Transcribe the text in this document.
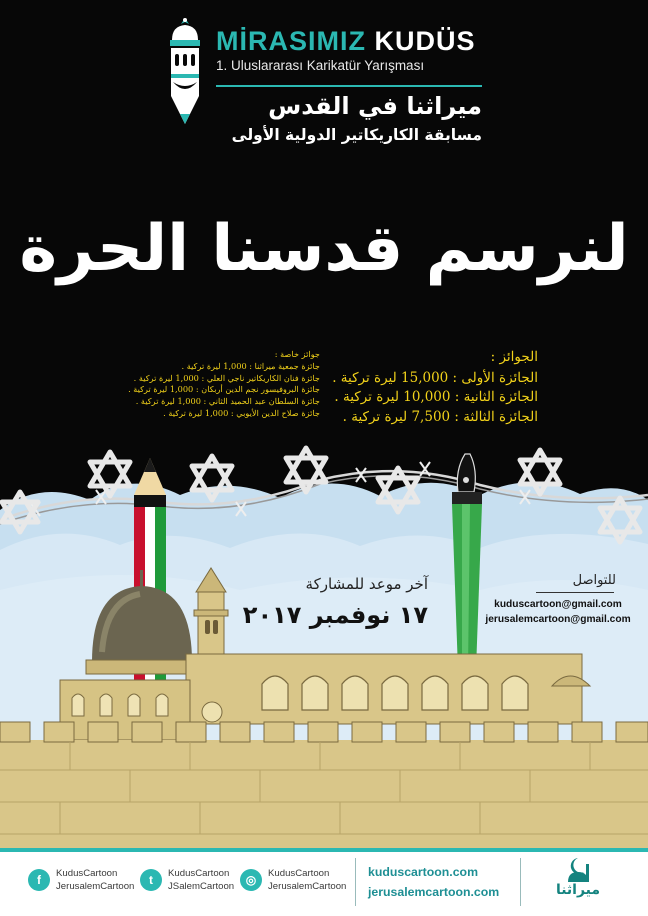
MİRASIMIZ KUDÜS
1. Uluslararası Karikatür Yarışması
ميراثنا في القدس
مسابقة الكاريكاتير الدولية الأولى
لنرسم قدسنا الحرة
الجوائز :
الجائزة الأولى : 15,000 ليرة تركية .
الجائزة الثانية : 10,000 ليرة تركية .
الجائزة الثالثة : 7,500 ليرة تركية .
جوائز خاصة :
جائزة جمعية ميراثنا : 1,000 ليرة تركية .
جائزة فنان الكاريكاتير ناجي العلي : 1,000 ليرة تركية .
جائزة البروفيسور نجم الدين أربكان : 1,000 ليرة تركية .
جائزة السلطان عبد الحميد الثاني : 1,000 ليرة تركية .
جائزة صلاح الدين الأيوبي : 1,000 ليرة تركية .
آخر موعد للمشاركة
١٧ نوفمبر ٢٠١٧
للتواصل
kuduscartoon@gmail.com
jerusalemcartoon@gmail.com
f	KudusCartoon
JerusalemCartoon	t	KudusCartoon
JSalemCartoon ◎	KudusCartoon
JerusalemCartoon
kuduscartoon.com
jerusalemcartoon.com	ميراثنا
